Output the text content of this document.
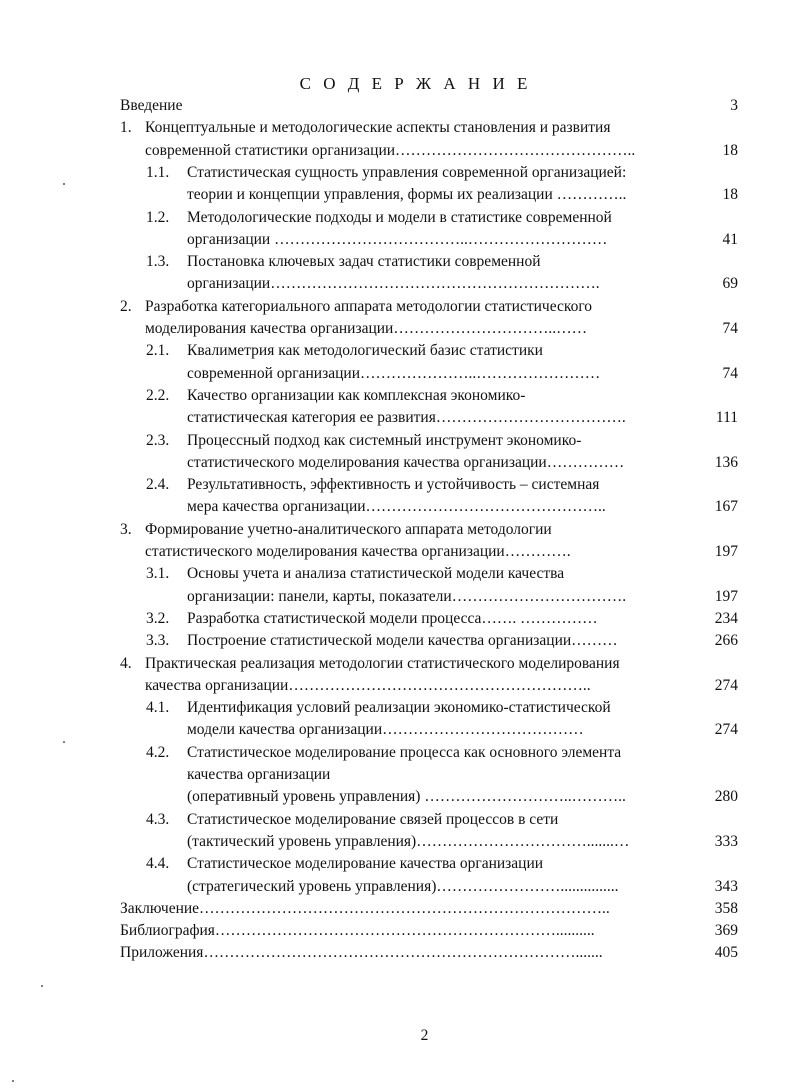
С О Д Е Р Ж А Н И Е
Введение	3
1. Концептуальные и методологические аспекты становления и развития
современной статистики организации………………………………………..	18
1.1. Статистическая сущность управления современной организацией:
теории и концепции управления, формы их реализации …………..	18
1.2. Методологические подходы и модели в статистике современной
организации ………………………………..………………………	41
1.3. Постановка ключевых задач статистики современной
организации……………………………………………………….	69
2. Разработка категориального аппарата методологии статистического
моделирования качества организации…………………………..……	74
2.1. Квалиметрия как методологический базис статистики
современной организации…………………..……………………	74
2.2. Качество организации как комплексная экономико-
статистическая категория ее развития……………………………….	111
2.3. Процессный подход как системный инструмент экономико-
статистического моделирования качества организации……………	136
2.4. Результативность, эффективность и устойчивость – системная
мера качества организации………………………………………..	167
3. Формирование учетно-аналитического аппарата методологии
статистического моделирования качества организации………….	197
3.1. Основы учета и анализа статистической модели качества
организации: панели, карты, показатели…………………………….	197
3.2. Разработка статистической модели процесса……. ……………	234
3.3. Построение статистической модели качества организации………	266
4. Практическая реализация методологии статистического моделирования
качества организации…………………………………………………..	274
4.1. Идентификация условий реализации экономико-статистической
модели качества организации…………………………………	274
4.2. Статистическое моделирование процесса как основного элемента
качества организации
(оперативный уровень управления) ………………………..………..	280
4.3. Статистическое моделирование связей процессов в сети
(тактический уровень управления)…………………………….......…	333
4.4. Статистическое моделирование качества организации
(стратегический уровень управления)……………………...............	343
Заключение……………………………………………………………………..	358
Библиография…………………………………………………………..........	369
Приложения……………………………………………………………….......	405
2
